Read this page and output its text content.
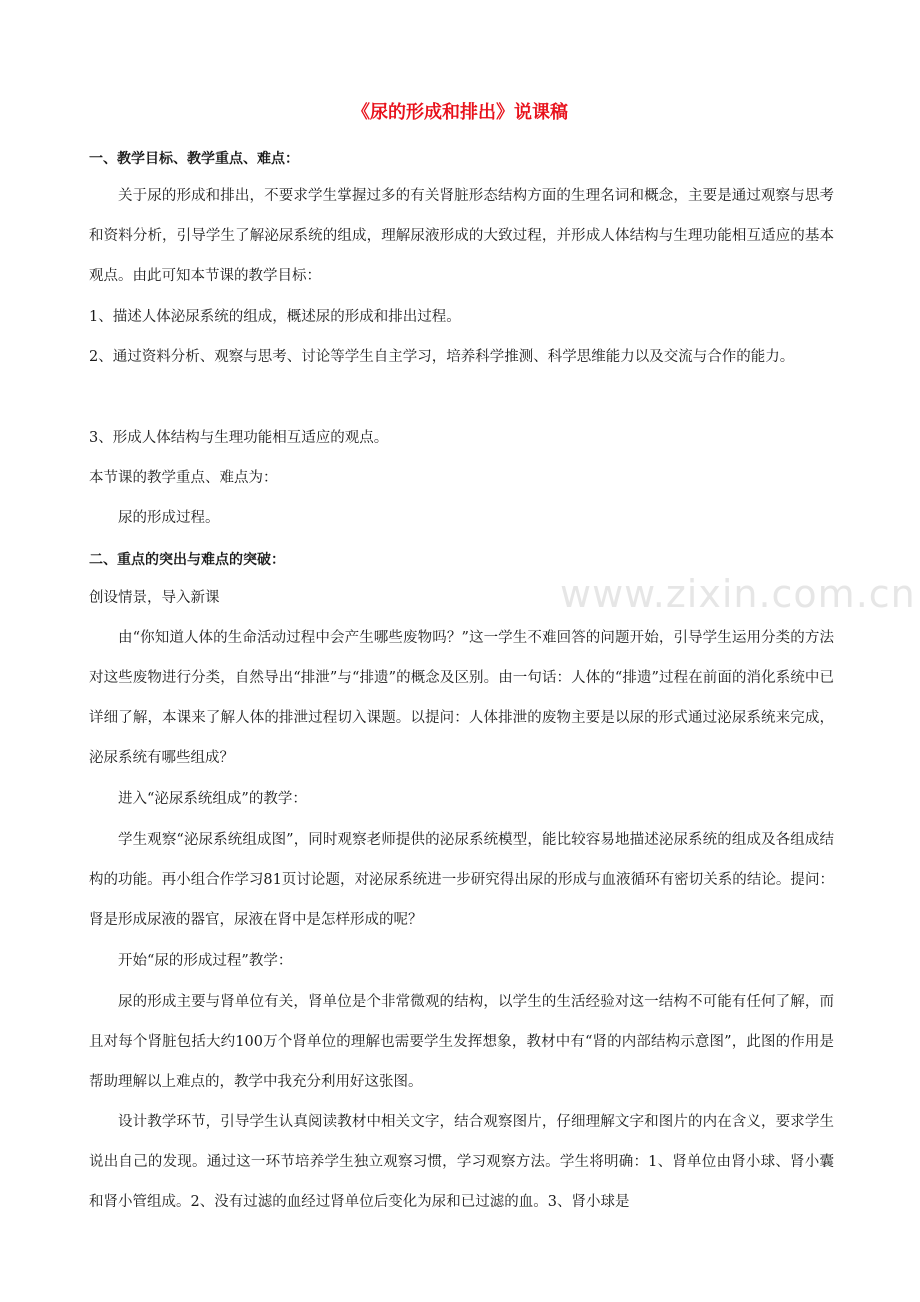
www.zixin.com.cn
《尿的形成和排出》说课稿
一、教学目标、教学重点、难点：

关于尿的形成和排出，不要求学生掌握过多的有关肾脏形态结构方面的生理名词和概念，主要是通过观察与思考和资料分析，引导学生了解泌尿系统的组成，理解尿液形成的大致过程，并形成人体结构与生理功能相互适应的基本观点。由此可知本节课的教学目标：

1、描述人体泌尿系统的组成，概述尿的形成和排出过程。

2、通过资料分析、观察与思考、讨论等学生自主学习，培养科学推测、科学思维能力以及交流与合作的能力。

3、形成人体结构与生理功能相互适应的观点。

本节课的教学重点、难点为：

尿的形成过程。

二、重点的突出与难点的突破：

创设情景，导入新课

由“你知道人体的生命活动过程中会产生哪些废物吗？”这一学生不难回答的问题开始，引导学生运用分类的方法对这些废物进行分类，自然导出“排泄”与“排遗”的概念及区别。由一句话：人体的“排遗”过程在前面的消化系统中已详细了解，本课来了解人体的排泄过程切入课题。以提问：人体排泄的废物主要是以尿的形式通过泌尿系统来完成，泌尿系统有哪些组成？

进入“泌尿系统组成”的教学：

学生观察“泌尿系统组成图”，同时观察老师提供的泌尿系统模型，能比较容易地描述泌尿系统的组成及各组成结构的功能。再小组合作学习81页讨论题，对泌尿系统进一步研究得出尿的形成与血液循环有密切关系的结论。提问：肾是形成尿液的器官，尿液在肾中是怎样形成的呢？

开始“尿的形成过程”教学：

尿的形成主要与肾单位有关，肾单位是个非常微观的结构，以学生的生活经验对这一结构不可能有任何了解，而且对每个肾脏包括大约100万个肾单位的理解也需要学生发挥想象，教材中有“肾的内部结构示意图”，此图的作用是帮助理解以上难点的，教学中我充分利用好这张图。

设计教学环节，引导学生认真阅读教材中相关文字，结合观察图片，仔细理解文字和图片的内在含义，要求学生说出自己的发现。通过这一环节培养学生独立观察习惯，学习观察方法。学生将明确：1、肾单位由肾小球、肾小囊和肾小管组成。2、没有过滤的血经过肾单位后变化为尿和已过滤的血。3、肾小球是
